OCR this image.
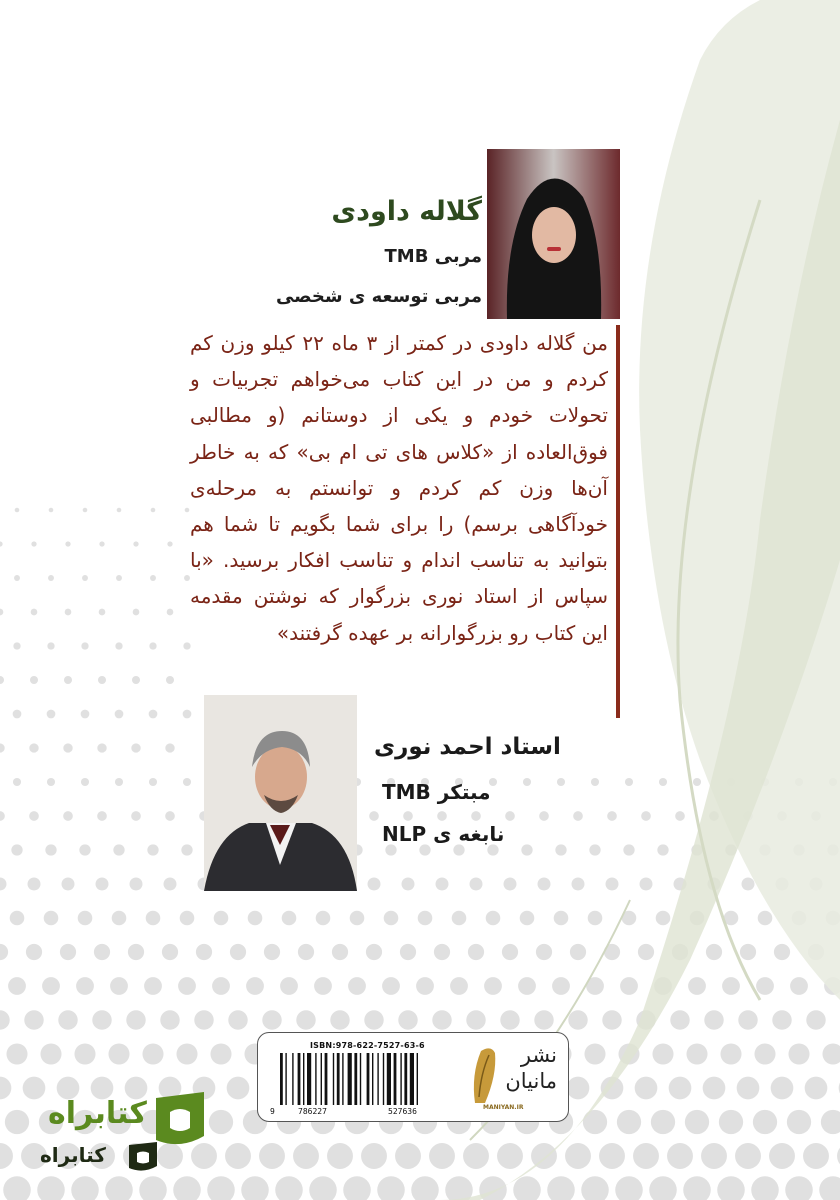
گلاله داودی

مربی TMB

مربی توسعه ی شخصی

من گلاله داودی در کمتر از ۳ ماه ۲۲ کیلو وزن کم کردم و من در این کتاب می‌خواهم تجربیات و تحولات خودم و یکی از دوستانم (و مطالبی فوق‌العاده از «کلاس های تی ام بی» که به خاطر آن‌ها وزن کم کردم و توانستم به مرحله‌ی خودآگاهی برسم) را برای شما بگویم تا شما هم بتوانید به تناسب اندام و تناسب افکار برسید. «با سپاس از استاد نوری بزرگوار که نوشتن مقدمه این کتاب رو بزرگوارانه بر عهده گرفتند»

استاد احمد نوری

مبتکر TMB

نابغه ی NLP

ISBN:978-622-7527-63-6
9	786227	527636
نشر
مانیان
MANIYAN.IR
کتابراه
کتابراه
